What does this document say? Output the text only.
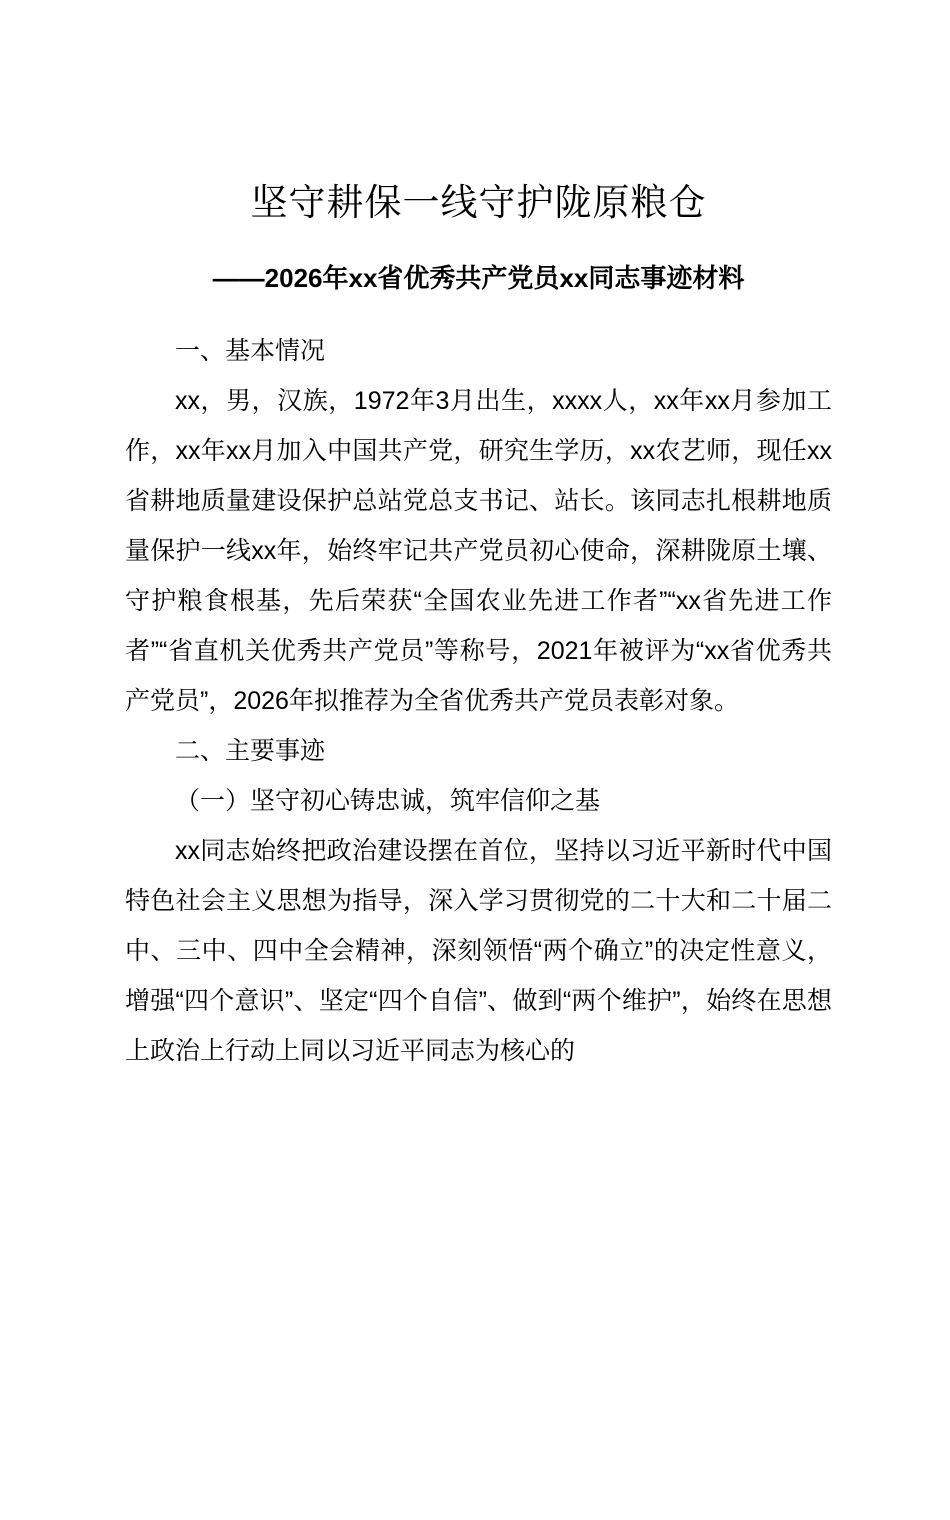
坚守耕保一线守护陇原粮仓
——2026年xx省优秀共产党员xx同志事迹材料

一、基本情况

xx，男，汉族，1972年3月出生，xxxx人，xx年xx月参加工作，xx年xx月加入中国共产党，研究生学历，xx农艺师，现任xx省耕地质量建设保护总站党总支书记、站长。该同志扎根耕地质量保护一线xx年，始终牢记共产党员初心使命，深耕陇原土壤、守护粮食根基，先后荣获“全国农业先进工作者”“xx省先进工作者”“省直机关优秀共产党员”等称号，2021年被评为“xx省优秀共产党员”，2026年拟推荐为全省优秀共产党员表彰对象。

二、主要事迹

（一）坚守初心铸忠诚，筑牢信仰之基

xx同志始终把政治建设摆在首位，坚持以习近平新时代中国特色社会主义思想为指导，深入学习贯彻党的二十大和二十届二中、三中、四中全会精神，深刻领悟“两个确立”的决定性意义，增强“四个意识”、坚定“四个自信”、做到“两个维护”，始终在思想上政治上行动上同以习近平同志为核心的
